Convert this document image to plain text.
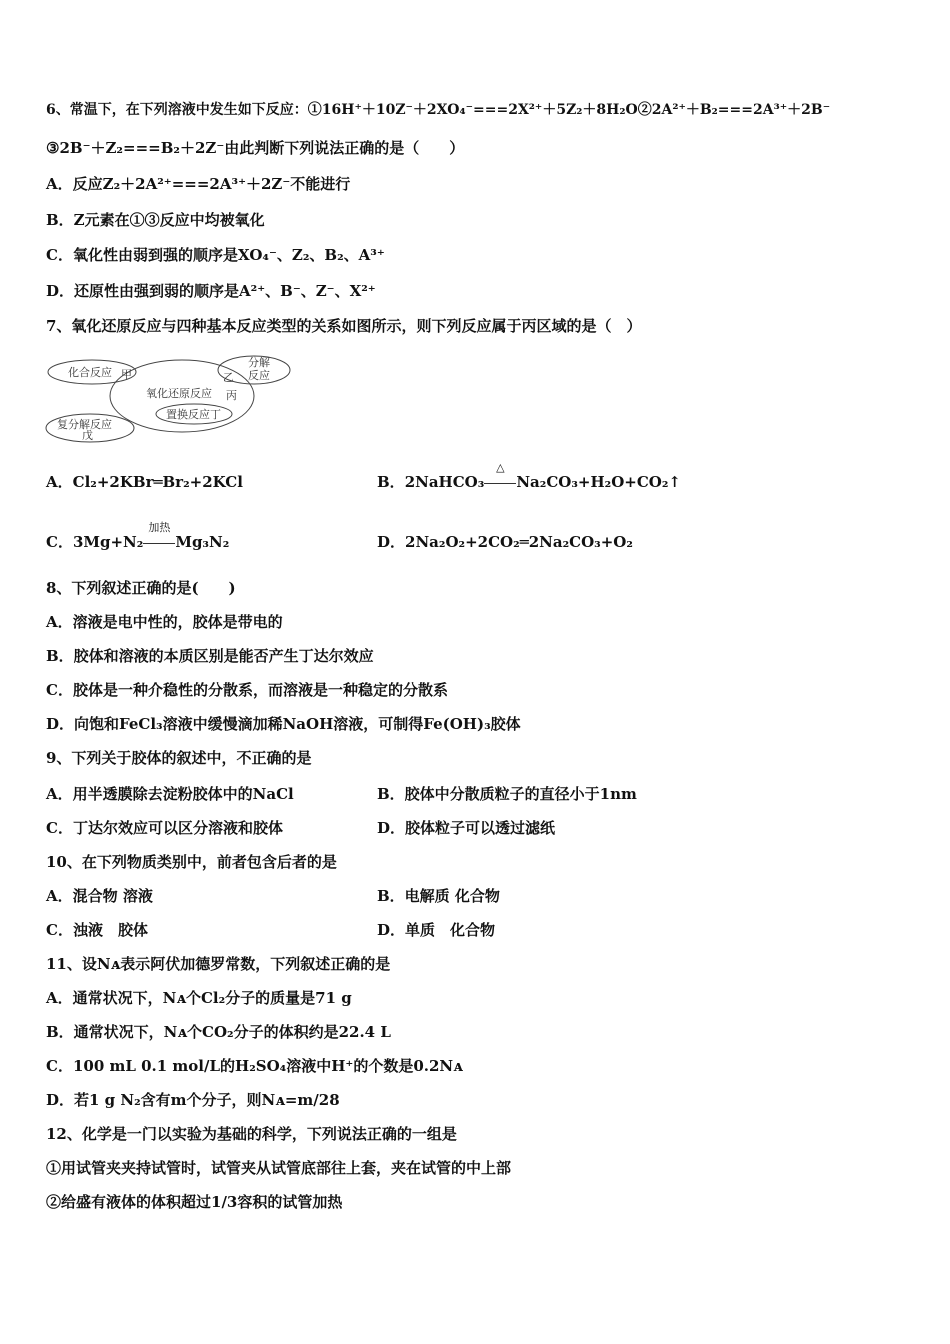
6、常温下，在下列溶液中发生如下反应：①16H⁺＋10Z⁻＋2XO₄⁻===2X²⁺＋5Z₂＋8H₂O②2A²⁺＋B₂===2A³⁺＋2B⁻
③2B⁻＋Z₂===B₂＋2Z⁻由此判断下列说法正确的是（　　）
A．反应Z₂＋2A²⁺===2A³⁺＋2Z⁻不能进行
B．Z元素在①③反应中均被氧化
C．氧化性由弱到强的顺序是XO₄⁻、Z₂、B₂、A³⁺
D．还原性由强到弱的顺序是A²⁺、B⁻、Z⁻、X²⁺
7、氧化还原反应与四种基本反应类型的关系如图所示，则下列反应属于丙区域的是（　）
化合反应 甲
分解
反应
乙
氧化还原反应 丙
置换反应丁
复分解反应
戊
A．Cl₂+2KBr═Br₂+2KCl	B．2NaHCO₃
△
Na₂CO₃+H₂O+CO₂↑
C．3Mg+N₂
加热
Mg₃N₂	D．2Na₂O₂+2CO₂═2Na₂CO₃+O₂
8、下列叙述正确的是(　　)
A．溶液是电中性的，胶体是带电的
B．胶体和溶液的本质区别是能否产生丁达尔效应
C．胶体是一种介稳性的分散系，而溶液是一种稳定的分散系
D．向饱和FeCl₃溶液中缓慢滴加稀NaOH溶液，可制得Fe(OH)₃胶体
9、下列关于胶体的叙述中，不正确的是
A．用半透膜除去淀粉胶体中的NaCl	B．胶体中分散质粒子的直径小于1nm
C．丁达尔效应可以区分溶液和胶体	D．胶体粒子可以透过滤纸
10、在下列物质类别中，前者包含后者的是
A．混合物 溶液	B．电解质 化合物
C．浊液　胶体	D．单质　化合物
11、设Nᴀ表示阿伏加德罗常数，下列叙述正确的是
A．通常状况下，Nᴀ个Cl₂分子的质量是71 g
B．通常状况下，Nᴀ个CO₂分子的体积约是22.4 L
C．100 mL 0.1 mol/L的H₂SO₄溶液中H⁺的个数是0.2Nᴀ
D．若1 g N₂含有m个分子，则Nᴀ=m/28
12、化学是一门以实验为基础的科学，下列说法正确的一组是
①用试管夹夹持试管时，试管夹从试管底部往上套，夹在试管的中上部
②给盛有液体的体积超过1/3容积的试管加热
